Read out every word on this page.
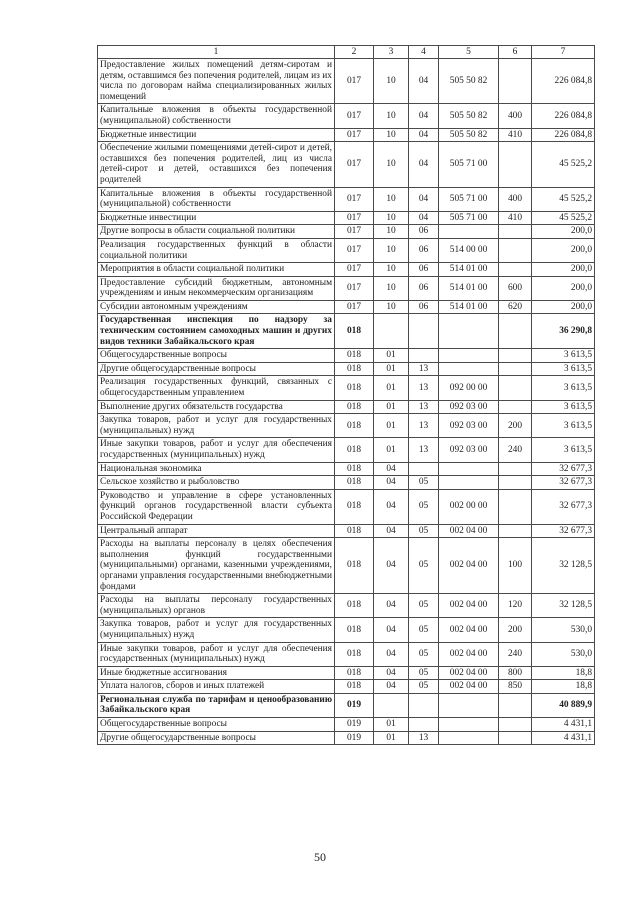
1	2	3	4	5	6	7
Предоставление жилых помещений детям-сиротам и детям, оставшимся без попечения родителей, лицам из их числа по договорам найма специализированных жилых помещений	017	10	04	505 50 82		226 084,8
Капитальные вложения в объекты государственной (муниципальной) собственности	017	10	04	505 50 82	400	226 084,8
Бюджетные инвестиции	017	10	04	505 50 82	410	226 084,8
Обеспечение жилыми помещениями детей-сирот и детей, оставшихся без попечения родителей, лиц из числа детей-сирот и детей, оставшихся без попечения родителей	017	10	04	505 71 00		45 525,2
Капитальные вложения в объекты государственной (муниципальной) собственности	017	10	04	505 71 00	400	45 525,2
Бюджетные инвестиции	017	10	04	505 71 00	410	45 525,2
Другие вопросы в области социальной политики	017	10	06			200,0
Реализация государственных функций в области социальной политики	017	10	06	514 00 00		200,0
Мероприятия в области социальной политики	017	10	06	514 01 00		200,0
Предоставление субсидий бюджетным, автономным учреждениям и иным некоммерческим организациям	017	10	06	514 01 00	600	200,0
Субсидии автономным учреждениям	017	10	06	514 01 00	620	200,0
Государственная инспекция по надзору за техническим состоянием самоходных машин и других видов техники Забайкальского края	018					36 290,8
Общегосударственные вопросы	018	01				3 613,5
Другие общегосударственные вопросы	018	01	13			3 613,5
Реализация государственных функций, связанных с общегосударственным управлением	018	01	13	092 00 00		3 613,5
Выполнение других обязательств государства	018	01	13	092 03 00		3 613,5
Закупка товаров, работ и услуг для государственных (муниципальных) нужд	018	01	13	092 03 00	200	3 613,5
Иные закупки товаров, работ и услуг для обеспечения государственных (муниципальных) нужд	018	01	13	092 03 00	240	3 613,5
Национальная экономика	018	04				32 677,3
Сельское хозяйство и рыболовство	018	04	05			32 677,3
Руководство и управление в сфере установленных функций органов государственной власти субъекта Российской Федерации	018	04	05	002 00 00		32 677,3
Центральный аппарат	018	04	05	002 04 00		32 677,3
Расходы на выплаты персоналу в целях обеспечения выполнения функций государственными (муниципальными) органами, казенными учреждениями, органами управления государственными внебюджетными фондами	018	04	05	002 04 00	100	32 128,5
Расходы на выплаты персоналу государственных (муниципальных) органов	018	04	05	002 04 00	120	32 128,5
Закупка товаров, работ и услуг для государственных (муниципальных) нужд	018	04	05	002 04 00	200	530,0
Иные закупки товаров, работ и услуг для обеспечения государственных (муниципальных) нужд	018	04	05	002 04 00	240	530,0
Иные бюджетные ассигнования	018	04	05	002 04 00	800	18,8
Уплата налогов, сборов и иных платежей	018	04	05	002 04 00	850	18,8
Региональная служба по тарифам и ценообразованию Забайкальского края	019					40 889,9
Общегосударственные вопросы	019	01				4 431,1
Другие общегосударственные вопросы	019	01	13			4 431,1
50
